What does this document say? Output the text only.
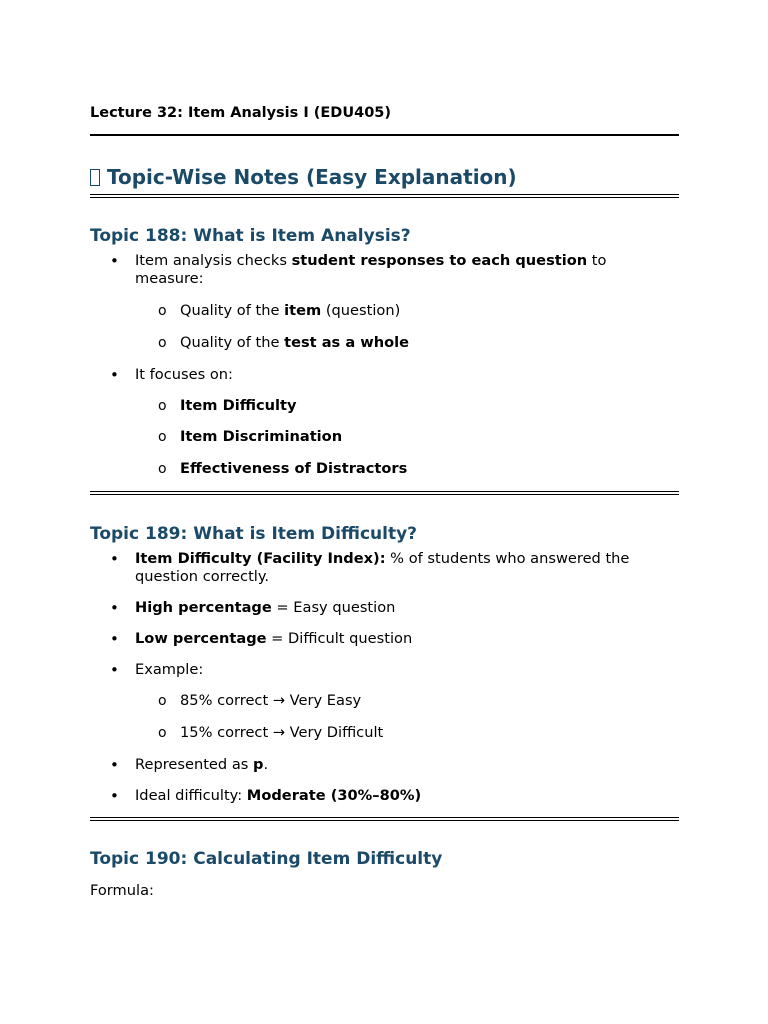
Lecture 32: Item Analysis I (EDU405)
Topic-Wise Notes (Easy Explanation)
Topic 188: What is Item Analysis?
• Item analysis checks student responses to each question to
measure:
o Quality of the item (question)
o Quality of the test as a whole
• It focuses on:
o Item Difficulty
o Item Discrimination
o Effectiveness of Distractors
Topic 189: What is Item Difficulty?
• Item Difficulty (Facility Index): % of students who answered the
question correctly.
• High percentage = Easy question
• Low percentage = Difficult question
• Example:
o 85% correct → Very Easy
o 15% correct → Very Difficult
• Represented as p.
• Ideal difficulty: Moderate (30%–80%)
Topic 190: Calculating Item Difficulty
Formula:
